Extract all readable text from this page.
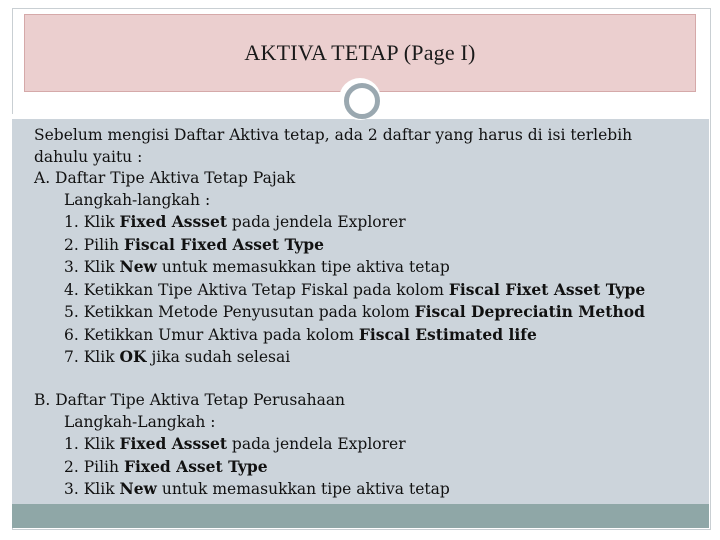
AKTIVA TETAP (Page I)
Sebelum mengisi Daftar Aktiva tetap, ada 2 daftar yang harus di isi terlebih
dahulu yaitu :
A. Daftar Tipe Aktiva Tetap Pajak
Langkah-langkah :
1. Klik Fixed Assset pada jendela Explorer
2. Pilih Fiscal Fixed Asset Type
3. Klik New untuk memasukkan tipe aktiva tetap
4. Ketikkan Tipe Aktiva Tetap Fiskal pada kolom Fiscal Fixet Asset Type
5. Ketikkan Metode Penyusutan pada kolom Fiscal Depreciatin Method
6. Ketikkan Umur Aktiva pada kolom Fiscal Estimated life
7. Klik OK jika sudah selesai
B. Daftar Tipe Aktiva Tetap Perusahaan
Langkah-Langkah :
1. Klik Fixed Assset pada jendela Explorer
2. Pilih Fixed Asset Type
3. Klik New untuk memasukkan tipe aktiva tetap
